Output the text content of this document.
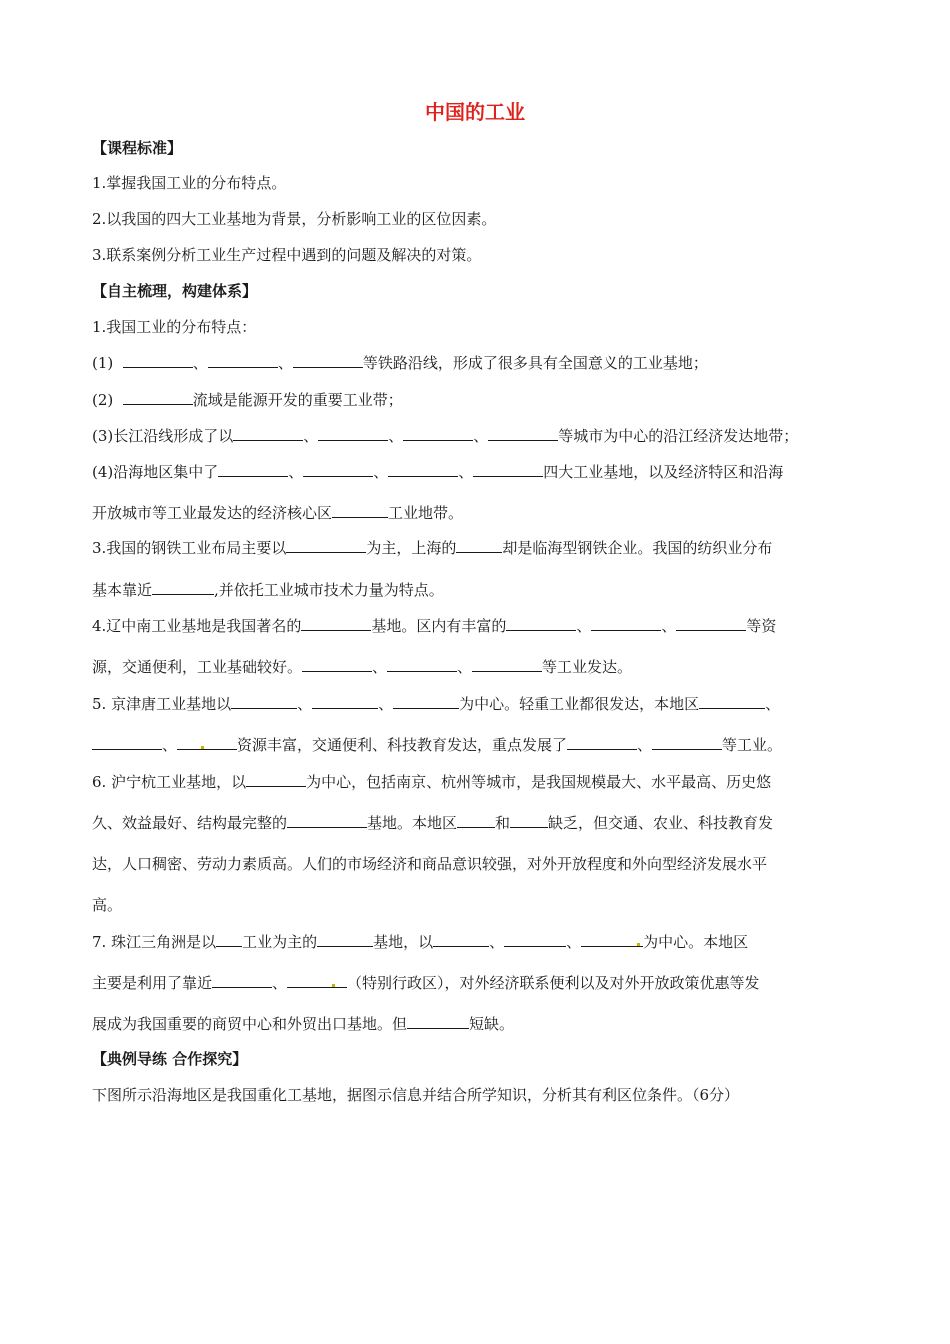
中国的工业
【课程标准】
1.掌握我国工业的分布特点。
2.以我国的四大工业基地为背景，分析影响工业的区位因素。
3.联系案例分析工业生产过程中遇到的问题及解决的对策。
【自主梳理，构建体系】
1.我国工业的分布特点：
(1)	、	、	等铁路沿线，形成了很多具有全国意义的工业基地；
(2)	流域是能源开发的重要工业带；
(3)长江沿线形成了以	、	、	、	等城市为中心的沿江经济发达地带；
(4)沿海地区集中了	、	、	、	四大工业基地，以及经济特区和沿海
开放城市等工业最发达的经济核心区	工业地带。
3.我国的钢铁工业布局主要以	为主，上海的	却是临海型钢铁企业。我国的纺织业分布
基本靠近	,并依托工业城市技术力量为特点。
4.辽中南工业基地是我国著名的	基地。区内有丰富的	、	、	等资
源，交通便利，工业基础较好。	、	、	等工业发达。
5. 京津唐工业基地以	、	、	为中心。轻重工业都很发达，本地区	、
、	资源丰富，交通便利、科技教育发达，重点发展了	、	等工业。
6. 沪宁杭工业基地，以	为中心，包括南京、杭州等城市，是我国规模最大、水平最高、历史悠
久、效益最好、结构最完整的	基地。本地区	和	缺乏，但交通、农业、科技教育发
达，人口稠密、劳动力素质高。人们的市场经济和商品意识较强，对外开放程度和外向型经济发展水平
高。
7. 珠江三角洲是以 工业为主的	基地，以	、	、	为中心。本地区
主要是利用了靠近	、	（特别行政区），对外经济联系便利以及对外开放政策优惠等发
展成为我国重要的商贸中心和外贸出口基地。但	短缺。
【典例导练 合作探究】
下图所示沿海地区是我国重化工基地，据图示信息并结合所学知识，分析其有利区位条件。（6分）
